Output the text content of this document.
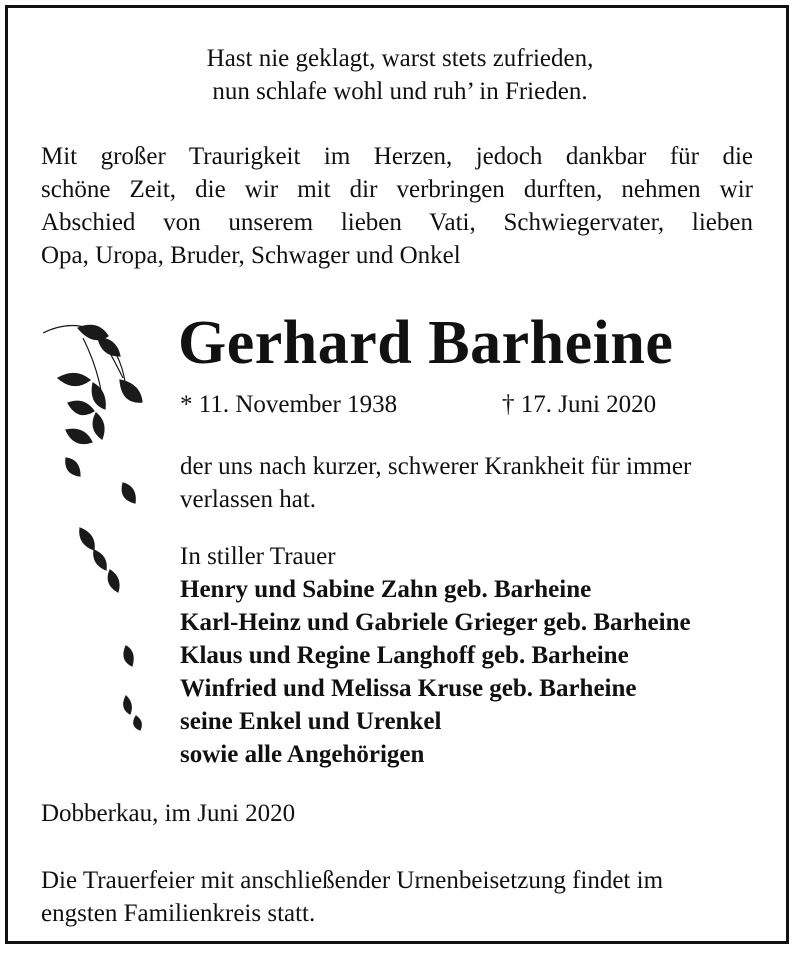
Hast nie geklagt, warst stets zufrieden,
nun schlafe wohl und ruh’ in Frieden.
Mit großer Traurigkeit im Herzen, jedoch dankbar für die
schöne Zeit, die wir mit dir verbringen durften, nehmen wir
Abschied von unserem lieben Vati, Schwiegervater, lieben
Opa, Uropa, Bruder, Schwager und Onkel
Gerhard Barheine
* 11. November 1938	† 17. Juni 2020
der uns nach kurzer, schwerer Krankheit für immer
verlassen hat.
In stiller Trauer
Henry und Sabine Zahn geb. Barheine
Karl-Heinz und Gabriele Grieger geb. Barheine
Klaus und Regine Langhoff geb. Barheine
Winfried und Melissa Kruse geb. Barheine
seine Enkel und Urenkel
sowie alle Angehörigen
Dobberkau, im Juni 2020
Die Trauerfeier mit anschließender Urnenbeisetzung findet im
engsten Familienkreis statt.
